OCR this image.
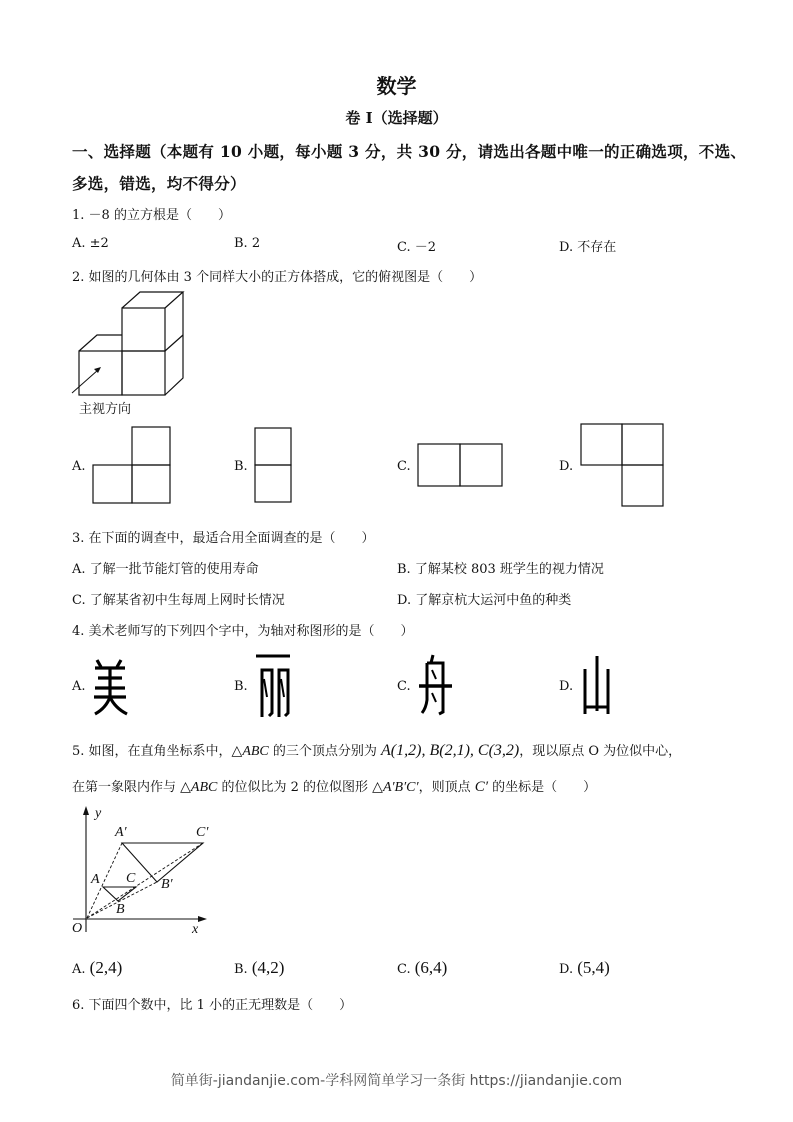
数学
卷 I（选择题）
一、选择题（本题有 10 小题，每小题 3 分，共 30 分，请选出各题中唯一的正确选项，不选、
多选，错选，均不得分）
1. －8 的立方根是（　　）
A. ±2	B. 2	C. －2	D. 不存在
2. 如图的几何体由 3 个同样大小的正方体搭成，它的俯视图是（　　）
主视方向
A.	B.	C.	D.
3. 在下面的调查中，最适合用全面调查的是（　　）
A. 了解一批节能灯管的使用寿命	B. 了解某校 803 班学生的视力情况
C. 了解某省初中生每周上网时长情况	D. 了解京杭大运河中鱼的种类
4. 美术老师写的下列四个字中，为轴对称图形的是（　　）
A.	B.	C.	D.
5. 如图，在直角坐标系中，△ABC 的三个顶点分别为 A(1,2), B(2,1), C(3,2)，现以原点 O 为位似中心，
在第一象限内作与 △ABC 的位似比为 2 的位似图形 △A′B′C′，则顶点 C′ 的坐标是（　　）
y
x
O
A
B
C
A′
B′
C′
A. (2,4)	B. (4,2)	C. (6,4)	D. (5,4)
6. 下面四个数中，比 1 小的正无理数是（　　）
简单街-jiandanjie.com-学科网简单学习一条街 https://jiandanjie.com
